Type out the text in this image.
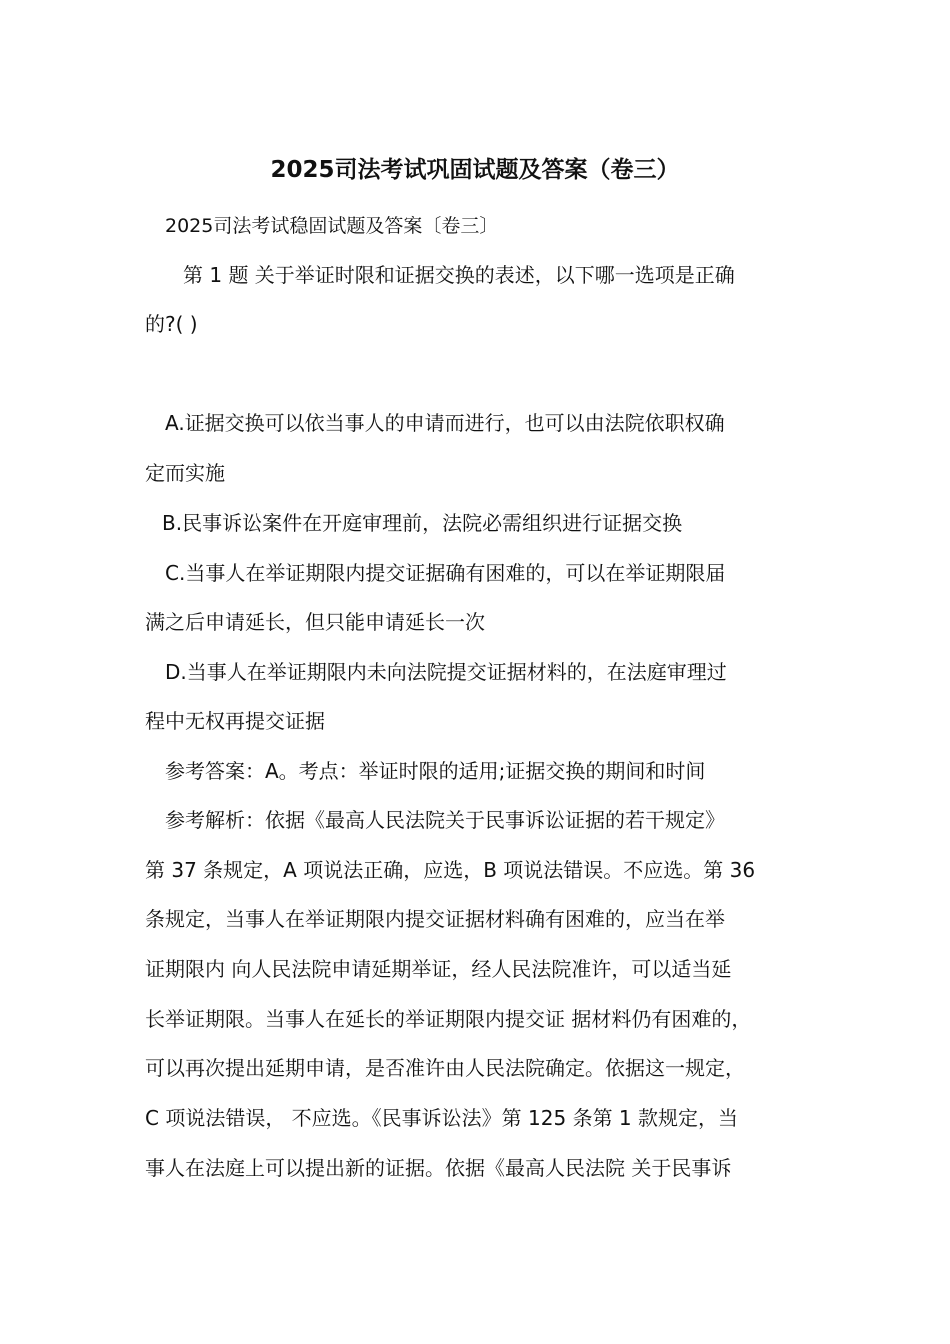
2025司法考试巩固试题及答案（卷三）
2025司法考试稳固试题及答案〔卷三〕
第 1 题 关于举证时限和证据交换的表述，以下哪一选项是正确
的?( )
A.证据交换可以依当事人的申请而进行，也可以由法院依职权确
定而实施
B.民事诉讼案件在开庭审理前，法院必需组织进行证据交换
C.当事人在举证期限内提交证据确有困难的，可以在举证期限届
满之后申请延长，但只能申请延长一次
D.当事人在举证期限内未向法院提交证据材料的，在法庭审理过
程中无权再提交证据
参考答案：A。考点：举证时限的适用;证据交换的期间和时间
参考解析：依据《最高人民法院关于民事诉讼证据的若干规定》
第 37 条规定，A 项说法正确，应选，B 项说法错误。不应选。第 36
条规定，当事人在举证期限内提交证据材料确有困难的，应当在举
证期限内 向人民法院申请延期举证，经人民法院准许，可以适当延
长举证期限。当事人在延长的举证期限内提交证 据材料仍有困难的，
可以再次提出延期申请，是否准许由人民法院确定。依据这一规定，
C 项说法错误， 不应选。《民事诉讼法》第 125 条第 1 款规定，当
事人在法庭上可以提出新的证据。依据《最高人民法院 关于民事诉
